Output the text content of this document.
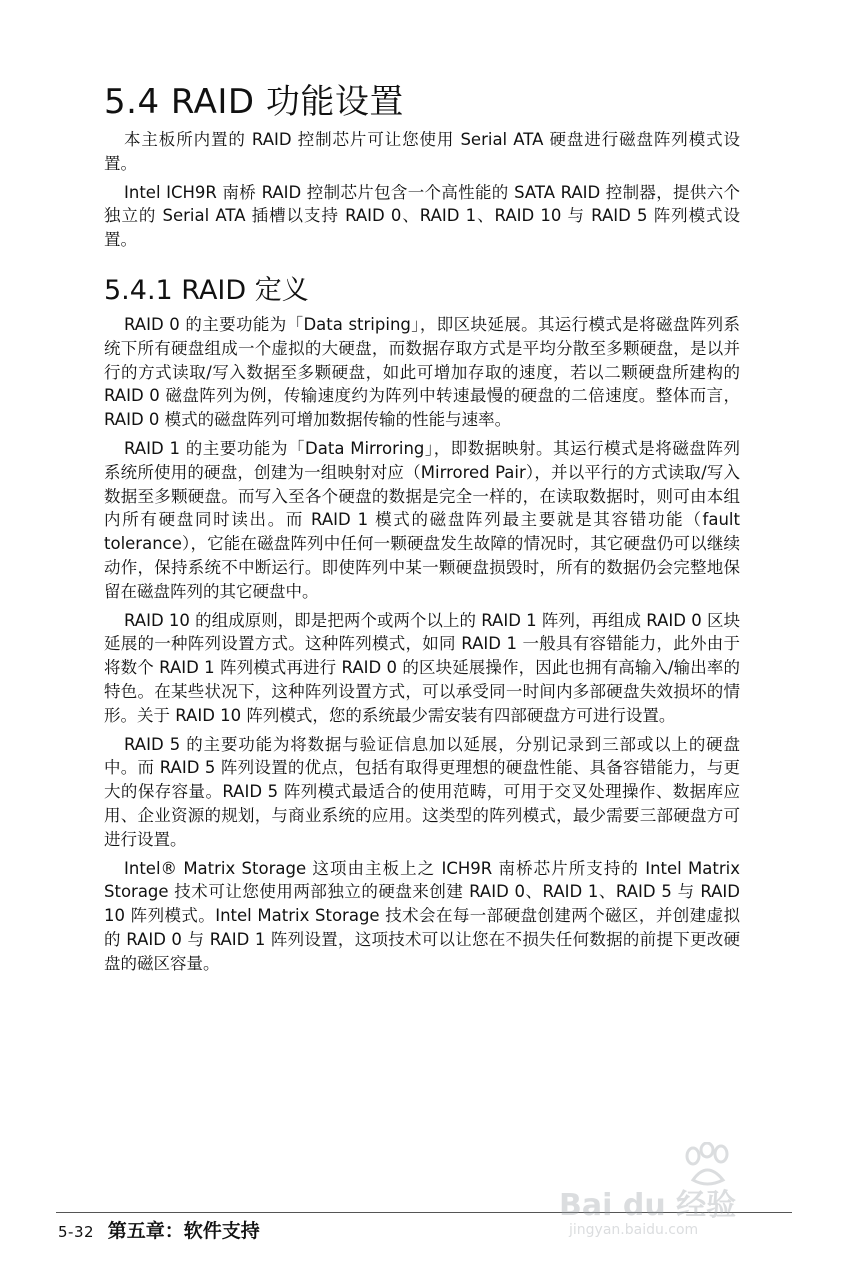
5.4 RAID 功能设置

本主板所内置的 RAID 控制芯片可让您使用 Serial ATA 硬盘进行磁盘阵列模式设置。

Intel ICH9R 南桥 RAID 控制芯片包含一个高性能的 SATA RAID 控制器，提供六个独立的 Serial ATA 插槽以支持 RAID 0、RAID 1、RAID 10 与 RAID 5 阵列模式设置。

5.4.1 RAID 定义

RAID 0 的主要功能为「Data striping」，即区块延展。其运行模式是将磁盘阵列系统下所有硬盘组成一个虚拟的大硬盘，而数据存取方式是平均分散至多颗硬盘，是以并行的方式读取/写入数据至多颗硬盘，如此可增加存取的速度，若以二颗硬盘所建构的 RAID 0 磁盘阵列为例，传输速度约为阵列中转速最慢的硬盘的二倍速度。整体而言，RAID 0 模式的磁盘阵列可增加数据传输的性能与速率。

RAID 1 的主要功能为「Data Mirroring」，即数据映射。其运行模式是将磁盘阵列系统所使用的硬盘，创建为一组映射对应（Mirrored Pair），并以平行的方式读取/写入数据至多颗硬盘。而写入至各个硬盘的数据是完全一样的，在读取数据时，则可由本组内所有硬盘同时读出。而 RAID 1 模式的磁盘阵列最主要就是其容错功能（fault tolerance），它能在磁盘阵列中任何一颗硬盘发生故障的情况时，其它硬盘仍可以继续动作，保持系统不中断运行。即使阵列中某一颗硬盘损毁时，所有的数据仍会完整地保留在磁盘阵列的其它硬盘中。

RAID 10 的组成原则，即是把两个或两个以上的 RAID 1 阵列，再组成 RAID 0 区块延展的一种阵列设置方式。这种阵列模式，如同 RAID 1 一般具有容错能力，此外由于将数个 RAID 1 阵列模式再进行 RAID 0 的区块延展操作，因此也拥有高输入/输出率的特色。在某些状况下，这种阵列设置方式，可以承受同一时间内多部硬盘失效损坏的情形。关于 RAID 10 阵列模式，您的系统最少需安装有四部硬盘方可进行设置。

RAID 5 的主要功能为将数据与验证信息加以延展，分别记录到三部或以上的硬盘中。而 RAID 5 阵列设置的优点，包括有取得更理想的硬盘性能、具备容错能力，与更大的保存容量。RAID 5 阵列模式最适合的使用范畴，可用于交叉处理操作、数据库应用、企业资源的规划，与商业系统的应用。这类型的阵列模式，最少需要三部硬盘方可进行设置。

Intel® Matrix Storage 这项由主板上之 ICH9R 南桥芯片所支持的 Intel Matrix Storage 技术可让您使用两部独立的硬盘来创建 RAID 0、RAID 1、RAID 5 与 RAID 10 阵列模式。Intel Matrix Storage 技术会在每一部硬盘创建两个磁区，并创建虚拟的 RAID 0 与 RAID 1 阵列设置，这项技术可以让您在不损失任何数据的前提下更改硬盘的磁区容量。

5-32 第五章：软件支持
Bai du 经验
jingyan.baidu.com
